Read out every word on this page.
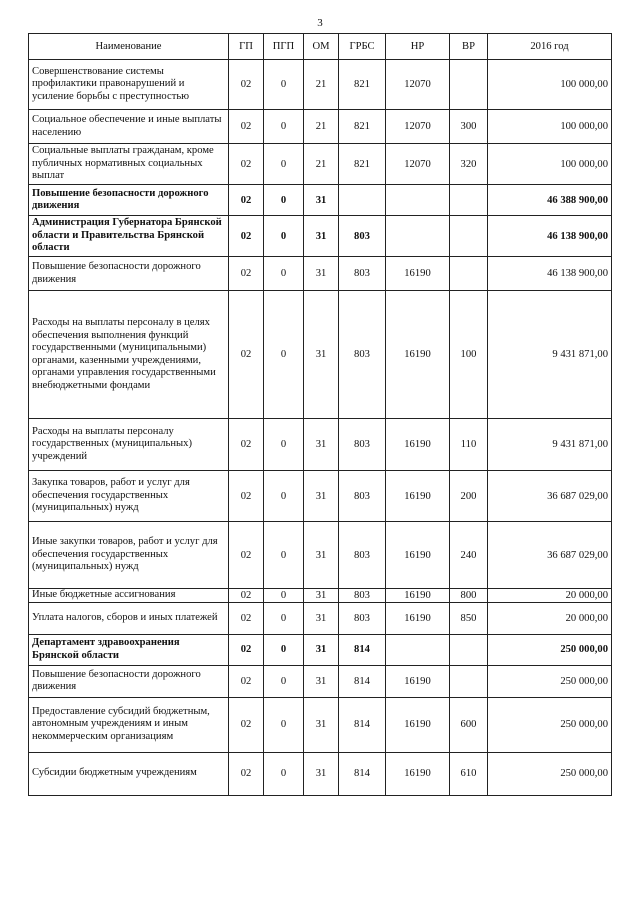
3
Наименование	ГП	ПГП	ОМ	ГРБС	НР	ВР	2016 год
Совершенствование системы профилактики правонарушений и усиление борьбы с преступностью	02	0	21	821	12070		100 000,00
Социальное обеспечение и иные выплаты населению	02	0	21	821	12070	300	100 000,00
Социальные выплаты гражданам, кроме публичных нормативных социальных выплат	02	0	21	821	12070	320	100 000,00
Повышение безопасности дорожного движения	02	0	31				46 388 900,00
Администрация Губернатора Брянской области и Правительства Брянской области	02	0	31	803			46 138 900,00
Повышение безопасности дорожного движения	02	0	31	803	16190		46 138 900,00
Расходы на выплаты персоналу в целях обеспечения выполнения функций государственными (муниципальными) органами, казенными учреждениями, органами управления государственными внебюджетными фондами	02	0	31	803	16190	100	9 431 871,00
Расходы на выплаты персоналу государственных (муниципальных) учреждений	02	0	31	803	16190	110	9 431 871,00
Закупка товаров, работ и услуг для обеспечения государственных (муниципальных) нужд	02	0	31	803	16190	200	36 687 029,00
Иные закупки товаров, работ и услуг для обеспечения государственных (муниципальных) нужд	02	0	31	803	16190	240	36 687 029,00
Иные бюджетные ассигнования	02	0	31	803	16190	800	20 000,00
Уплата налогов, сборов и иных платежей	02	0	31	803	16190	850	20 000,00
Департамент здравоохранения Брянской области	02	0	31	814			250 000,00
Повышение безопасности дорожного движения	02	0	31	814	16190		250 000,00
Предоставление субсидий бюджетным, автономным учреждениям и иным некоммерческим организациям	02	0	31	814	16190	600	250 000,00
Субсидии бюджетным учреждениям	02	0	31	814	16190	610	250 000,00
